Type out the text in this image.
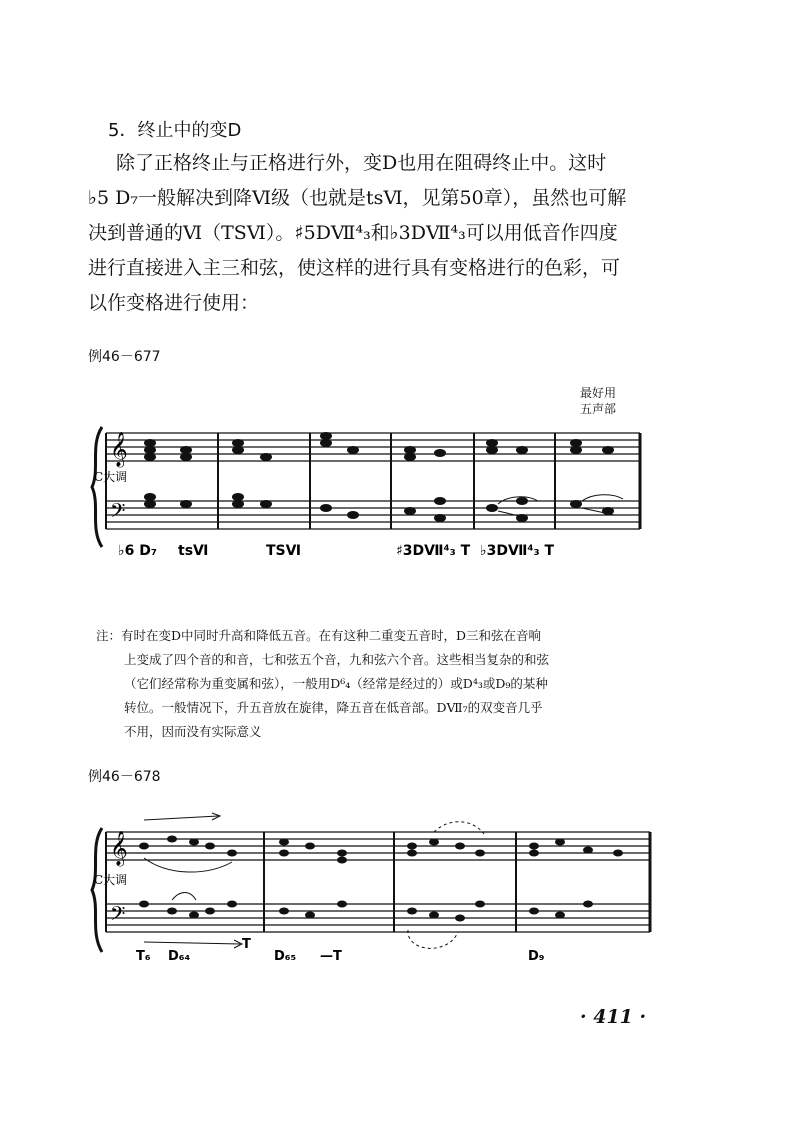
5．终止中的变D
除了正格终止与正格进行外，变D也用在阻碍终止中。这时
♭5 D₇一般解决到降Ⅵ级（也就是tsⅥ，见第50章），虽然也可解
决到普通的Ⅵ（TSⅥ）。♯5DⅦ⁴₃和♭3DⅦ⁴₃可以用低音作四度
进行直接进入主三和弦，使这样的进行具有变格进行的色彩，可
以作变格进行使用：
例46－677
最好用
五声部
𝄞
𝄢
C大调
♭6 D₇ tsⅥ	TSⅥ	♯3DⅦ⁴₃ T ♭3DⅦ⁴₃ T
注：有时在变D中同时升高和降低五音。在有这种二重变五音时，D三和弦在音响
上变成了四个音的和音，七和弦五个音，九和弦六个音。这些相当复杂的和弦
（它们经常称为重变属和弦），一般用D⁶₄（经常是经过的）或D⁴₃或D₉的某种
转位。一般情况下，升五音放在旋律，降五音在低音部。DⅦ₇的双变音几乎
不用，因而没有实际意义
例46－678
𝄞
𝄢
C大调
T₆ D₆₄
T
D₆₅ —T	D₉
· 411 ·
